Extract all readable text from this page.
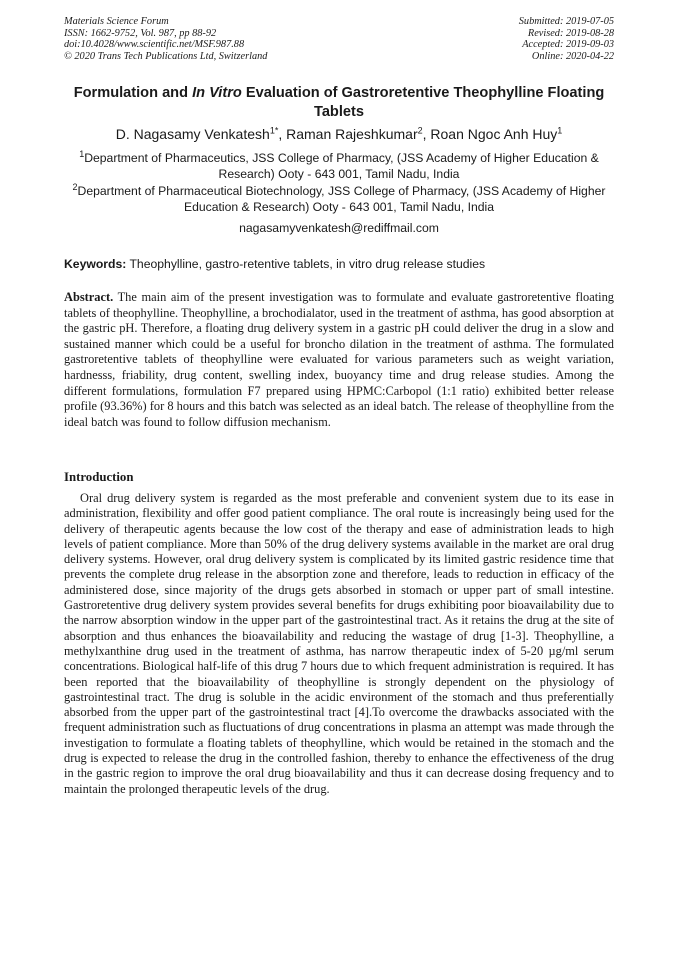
Materials Science Forum
ISSN: 1662-9752, Vol. 987, pp 88-92
doi:10.4028/www.scientific.net/MSF.987.88
© 2020 Trans Tech Publications Ltd, Switzerland
Submitted: 2019-07-05
Revised: 2019-08-28
Accepted: 2019-09-03
Online: 2020-04-22
Formulation and In Vitro Evaluation of Gastroretentive Theophylline Floating Tablets
D. Nagasamy Venkatesh$^{1*}$, Raman Rajeshkumar$^2$, Roan Ngoc Anh Huy$^1$
$^1$Department of Pharmaceutics, JSS College of Pharmacy, (JSS Academy of Higher Education & Research) Ooty - 643 001, Tamil Nadu, India
$^2$Department of Pharmaceutical Biotechnology, JSS College of Pharmacy, (JSS Academy of Higher Education & Research) Ooty - 643 001, Tamil Nadu, India
nagasamyvenkatesh@rediffmail.com
Keywords: Theophylline, gastro-retentive tablets, in vitro drug release studies

Abstract. The main aim of the present investigation was to formulate and evaluate gastroretentive floating tablets of theophylline. Theophylline, a brochodialator, used in the treatment of asthma, has good absorption at the gastric pH. Therefore, a floating drug delivery system in a gastric pH could deliver the drug in a slow and sustained manner which could be a useful for broncho dilation in the treatment of asthma. The formulated gastroretentive tablets of theophylline were evaluated for various parameters such as weight variation, hardnesss, friability, drug content, swelling index, buoyancy time and drug release studies. Among the different formulations, formulation F7 prepared using HPMC:Carbopol (1:1 ratio) exhibited better release profile (93.36%) for 8 hours and this batch was selected as an ideal batch. The release of theophylline from the ideal batch was found to follow diffusion mechanism.

Introduction

Oral drug delivery system is regarded as the most preferable and convenient system due to its ease in administration, flexibility and offer good patient compliance. The oral route is increasingly being used for the delivery of therapeutic agents because the low cost of the therapy and ease of administration leads to high levels of patient compliance. More than 50% of the drug delivery systems available in the market are oral drug delivery systems. However, oral drug delivery system is complicated by its limited gastric residence time that prevents the complete drug release in the absorption zone and therefore, leads to reduction in efficacy of the administered dose, since majority of the drugs gets absorbed in stomach or upper part of small intestine. Gastroretentive drug delivery system provides several benefits for drugs exhibiting poor bioavailability due to the narrow absorption window in the upper part of the gastrointestinal tract. As it retains the drug at the site of absorption and thus enhances the bioavailability and reducing the wastage of drug [1-3]. Theophylline, a methylxanthine drug used in the treatment of asthma, has narrow therapeutic index of 5-20 µg/ml serum concentrations. Biological half-life of this drug 7 hours due to which frequent administration is required. It has been reported that the bioavailability of theophylline is strongly dependent on the physiology of gastrointestinal tract. The drug is soluble in the acidic environment of the stomach and thus preferentially absorbed from the upper part of the gastrointestinal tract [4].To overcome the drawbacks associated with the frequent administration such as fluctuations of drug concentrations in plasma an attempt was made through the investigation to formulate a floating tablets of theophylline, which would be retained in the stomach and the drug is expected to release the drug in the controlled fashion, thereby to enhance the effectiveness of the drug in the gastric region to improve the oral drug bioavailability and thus it can decrease dosing frequency and to maintain the prolonged therapeutic levels of the drug.
